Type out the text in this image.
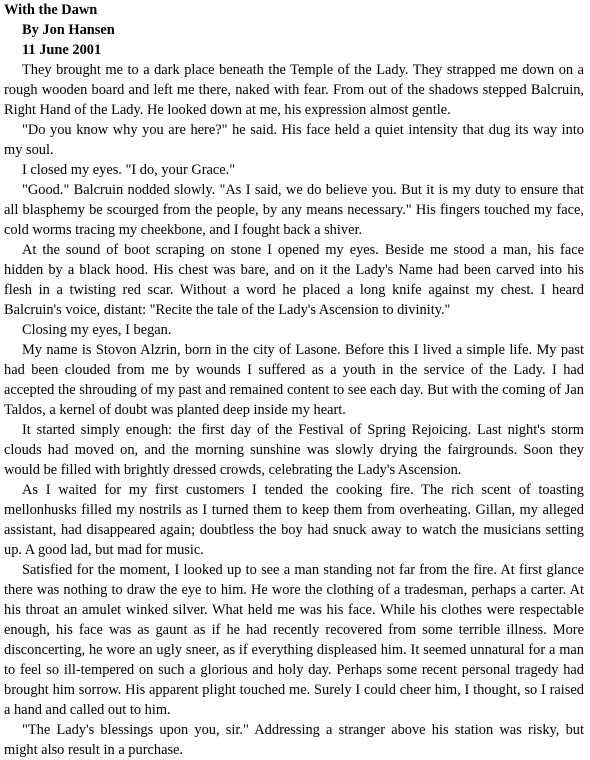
With the Dawn
By Jon Hansen
11 June 2001

They brought me to a dark place beneath the Temple of the Lady. They strapped me down on a rough wooden board and left me there, naked with fear. From out of the shadows stepped Balcruin, Right Hand of the Lady. He looked down at me, his expression almost gentle.

"Do you know why you are here?" he said. His face held a quiet intensity that dug its way into my soul.

I closed my eyes. "I do, your Grace."

"Good." Balcruin nodded slowly. "As I said, we do believe you. But it is my duty to ensure that all blasphemy be scourged from the people, by any means necessary." His fingers touched my face, cold worms tracing my cheekbone, and I fought back a shiver.

At the sound of boot scraping on stone I opened my eyes. Beside me stood a man, his face hidden by a black hood. His chest was bare, and on it the Lady's Name had been carved into his flesh in a twisting red scar. Without a word he placed a long knife against my chest. I heard Balcruin's voice, distant: "Recite the tale of the Lady's Ascension to divinity."

Closing my eyes, I began.

My name is Stovon Alzrin, born in the city of Lasone. Before this I lived a simple life. My past had been clouded from me by wounds I suffered as a youth in the service of the Lady. I had accepted the shrouding of my past and remained content to see each day. But with the coming of Jan Taldos, a kernel of doubt was planted deep inside my heart.

It started simply enough: the first day of the Festival of Spring Rejoicing. Last night's storm clouds had moved on, and the morning sunshine was slowly drying the fairgrounds. Soon they would be filled with brightly dressed crowds, celebrating the Lady's Ascension.

As I waited for my first customers I tended the cooking fire. The rich scent of toasting mellonhusks filled my nostrils as I turned them to keep them from overheating. Gillan, my alleged assistant, had disappeared again; doubtless the boy had snuck away to watch the musicians setting up. A good lad, but mad for music.

Satisfied for the moment, I looked up to see a man standing not far from the fire. At first glance there was nothing to draw the eye to him. He wore the clothing of a tradesman, perhaps a carter. At his throat an amulet winked silver. What held me was his face. While his clothes were respectable enough, his face was as gaunt as if he had recently recovered from some terrible illness. More disconcerting, he wore an ugly sneer, as if everything displeased him. It seemed unnatural for a man to feel so ill-tempered on such a glorious and holy day. Perhaps some recent personal tragedy had brought him sorrow. His apparent plight touched me. Surely I could cheer him, I thought, so I raised a hand and called out to him.

"The Lady's blessings upon you, sir." Addressing a stranger above his station was risky, but might also result in a purchase.
